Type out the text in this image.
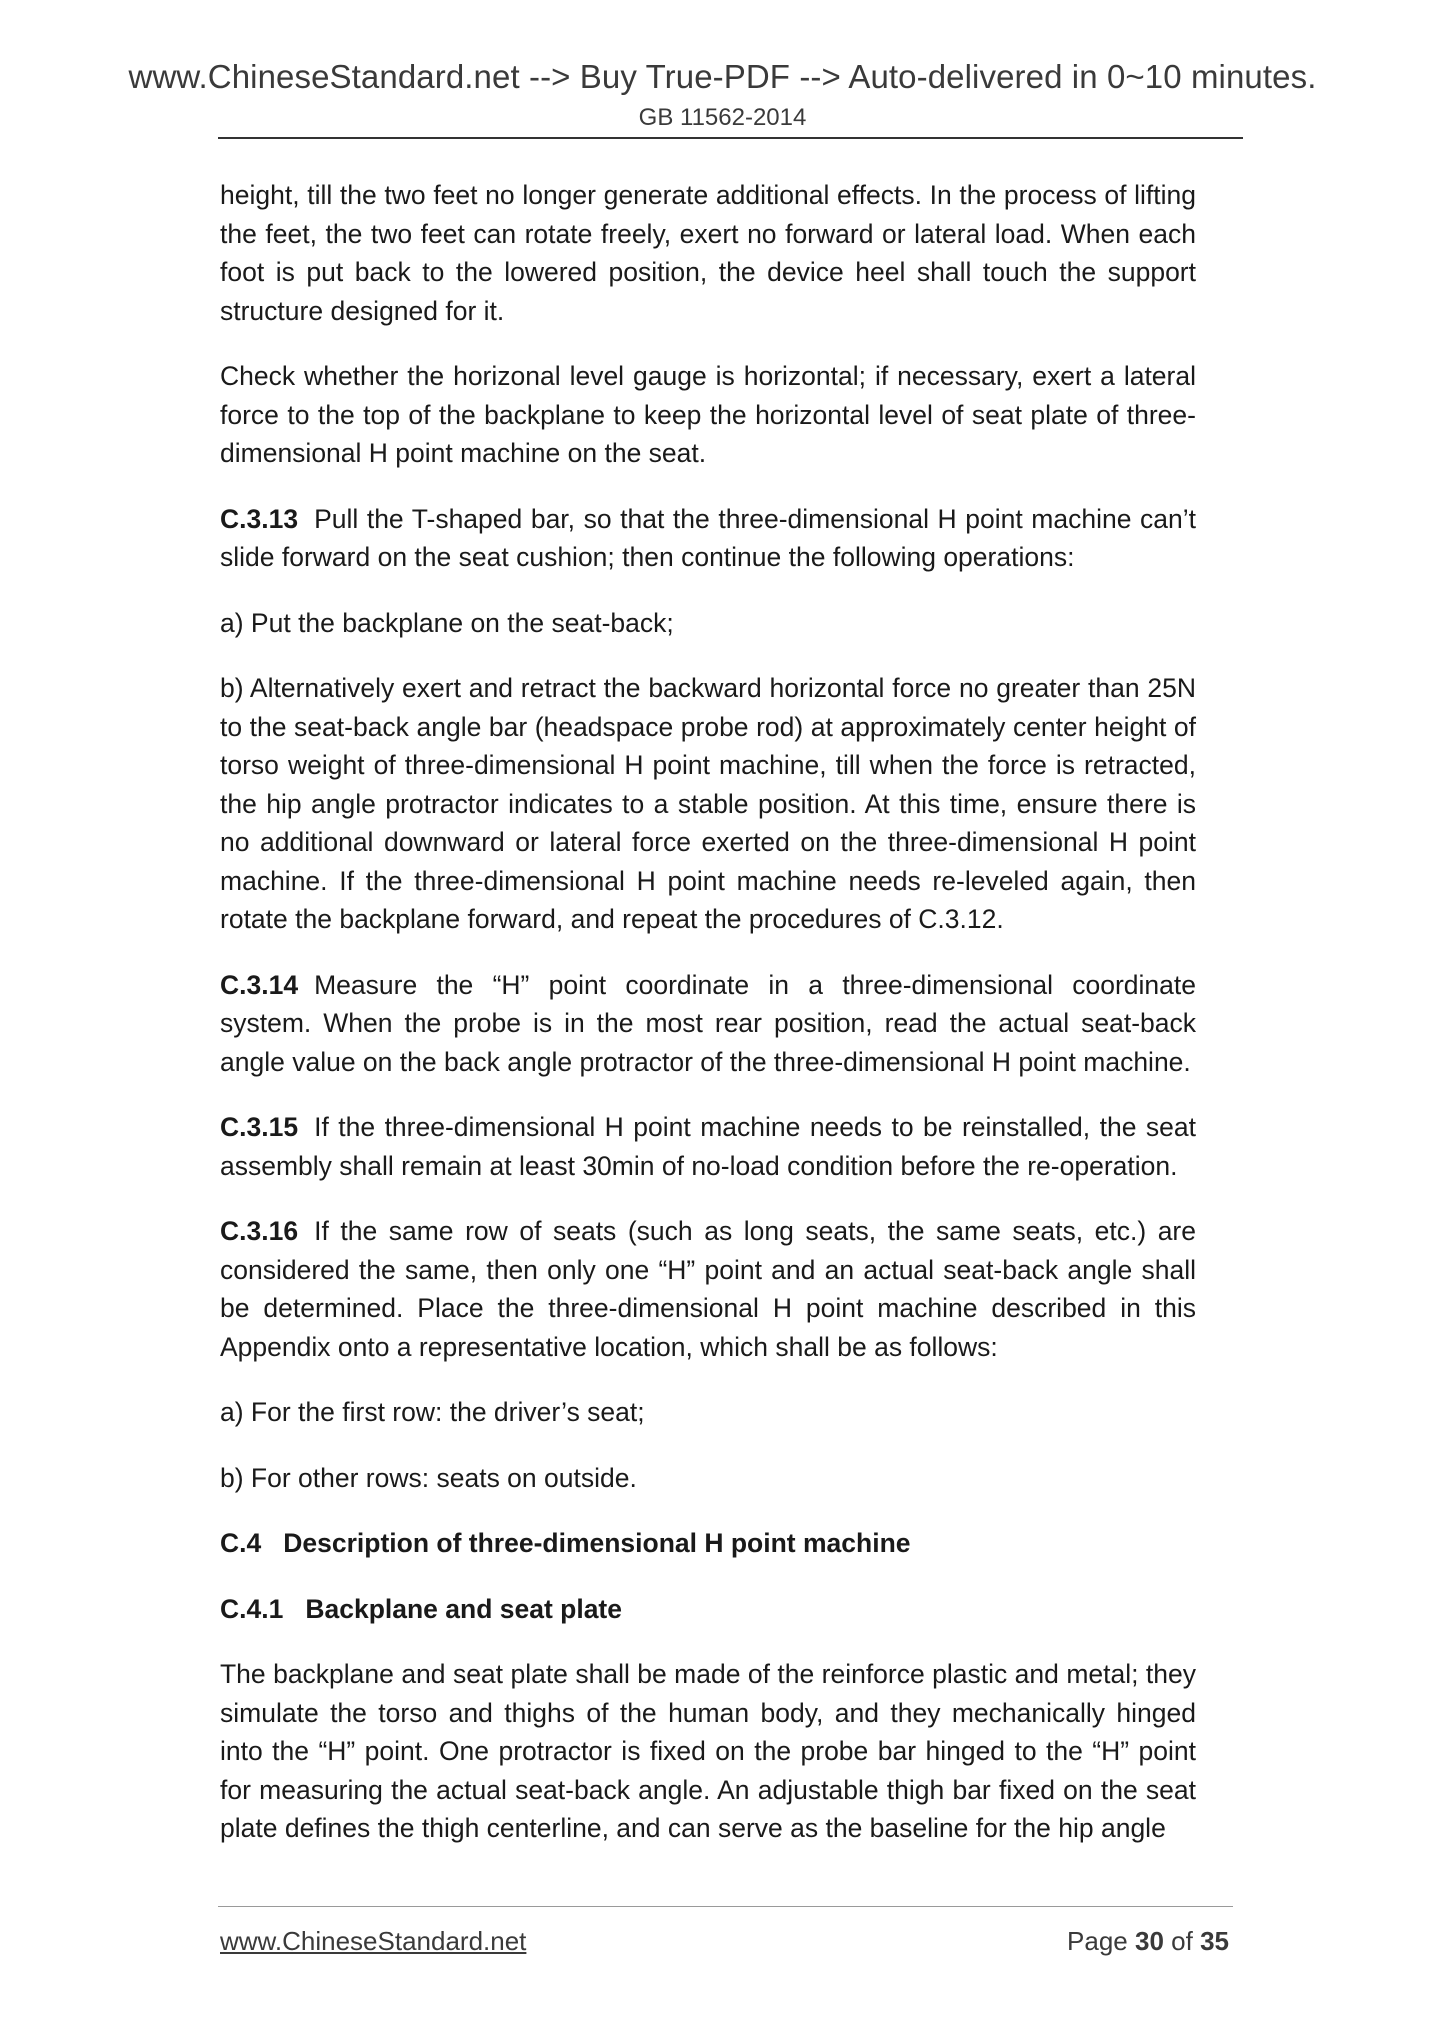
www.ChineseStandard.net --> Buy True-PDF --> Auto-delivered in 0~10 minutes.
GB 11562-2014

height, till the two feet no longer generate additional effects. In the process of lifting the feet, the two feet can rotate freely, exert no forward or lateral load. When each foot is put back to the lowered position, the device heel shall touch the support structure designed for it.

Check whether the horizonal level gauge is horizontal; if necessary, exert a lateral force to the top of the backplane to keep the horizontal level of seat plate of three-dimensional H point machine on the seat.

C.3.13 Pull the T-shaped bar, so that the three-dimensional H point machine can’t slide forward on the seat cushion; then continue the following operations:

a) Put the backplane on the seat-back;

b) Alternatively exert and retract the backward horizontal force no greater than 25N to the seat-back angle bar (headspace probe rod) at approximately center height of torso weight of three-dimensional H point machine, till when the force is retracted, the hip angle protractor indicates to a stable position. At this time, ensure there is no additional downward or lateral force exerted on the three-dimensional H point machine. If the three-dimensional H point machine needs re-leveled again, then rotate the backplane forward, and repeat the procedures of C.3.12.

C.3.14 Measure the “H” point coordinate in a three-dimensional coordinate system. When the probe is in the most rear position, read the actual seat-back angle value on the back angle protractor of the three-dimensional H point machine.

C.3.15 If the three-dimensional H point machine needs to be reinstalled, the seat assembly shall remain at least 30min of no-load condition before the re-operation.

C.3.16 If the same row of seats (such as long seats, the same seats, etc.) are considered the same, then only one “H” point and an actual seat-back angle shall be determined. Place the three-dimensional H point machine described in this Appendix onto a representative location, which shall be as follows:

a) For the first row: the driver’s seat;

b) For other rows: seats on outside.

C.4 Description of three-dimensional H point machine

C.4.1 Backplane and seat plate

The backplane and seat plate shall be made of the reinforce plastic and metal; they simulate the torso and thighs of the human body, and they mechanically hinged into the “H” point. One protractor is fixed on the probe bar hinged to the “H” point for measuring the actual seat-back angle. An adjustable thigh bar fixed on the seat plate defines the thigh centerline, and can serve as the baseline for the hip angle

www.ChineseStandard.net	Page 30 of 35
